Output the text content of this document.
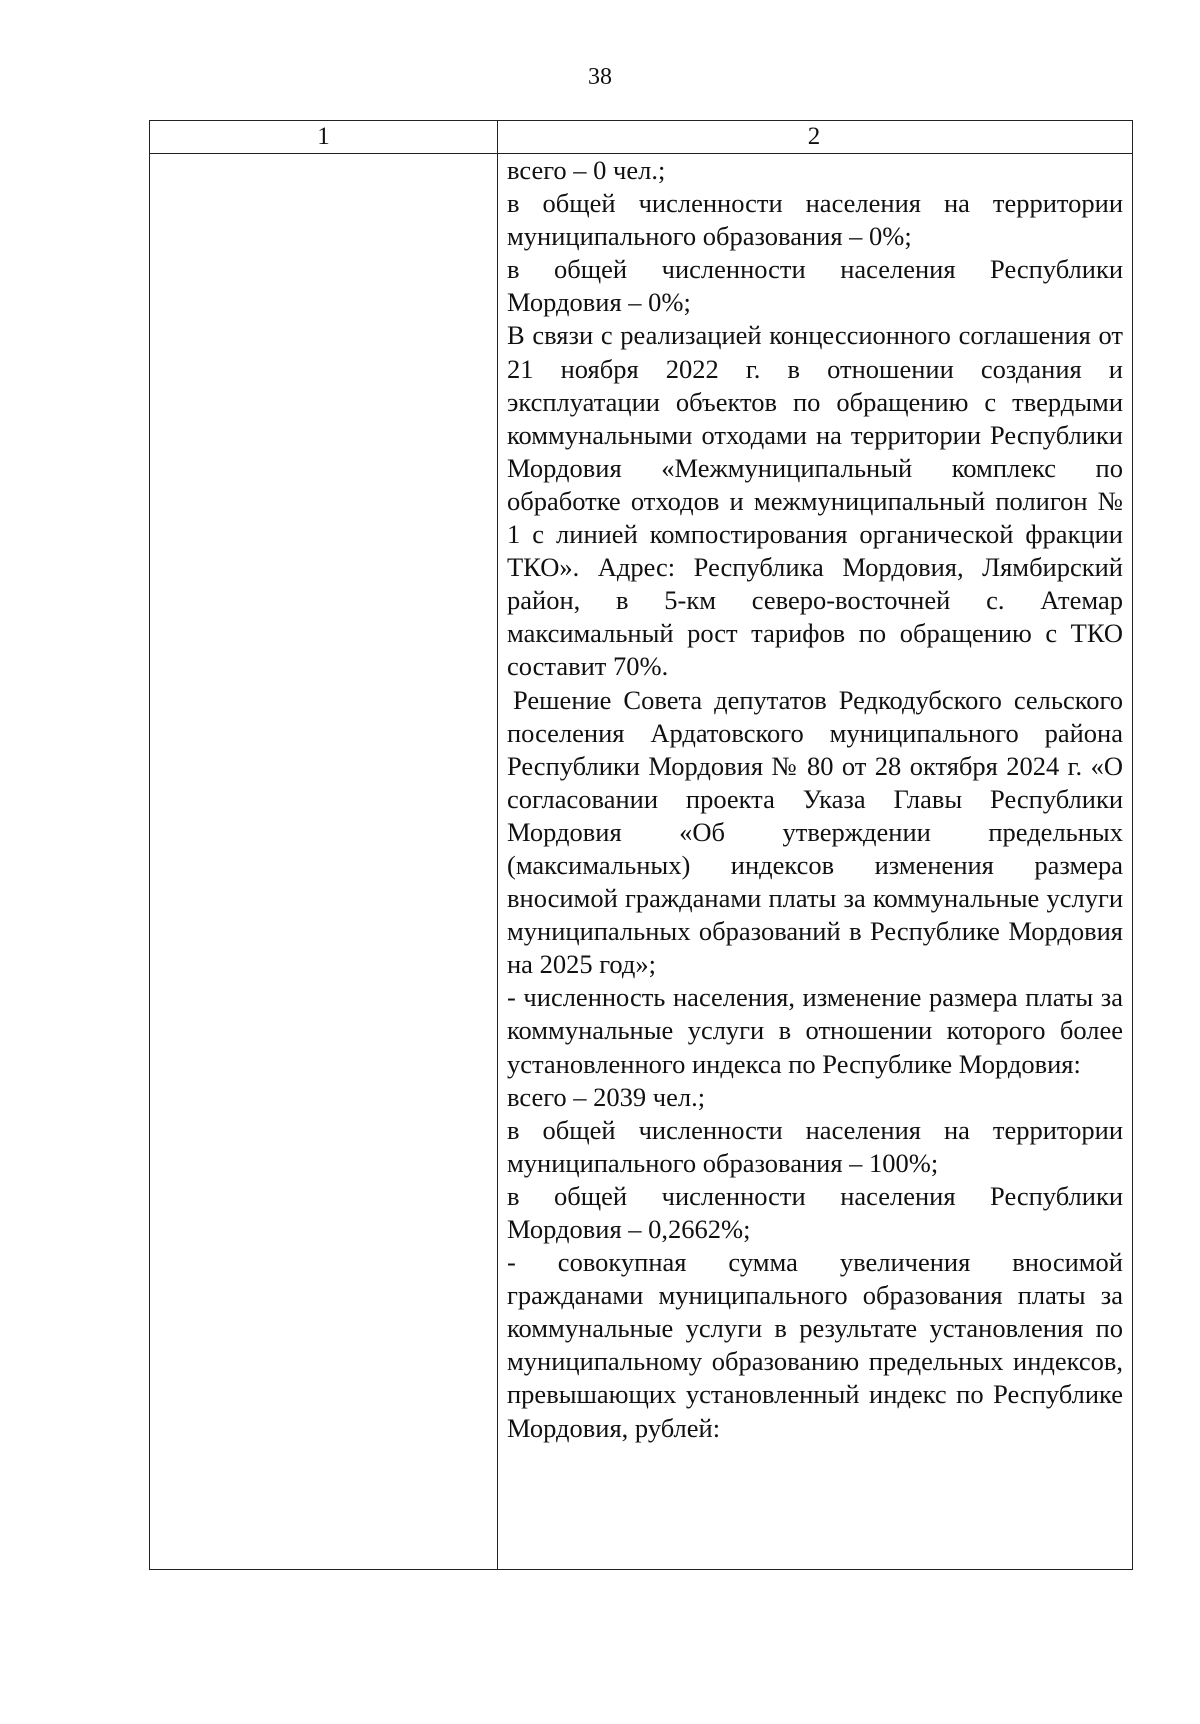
38
1	2

всего – 0 чел.;

в общей численности населения на территории муниципального образования – 0%;

в общей численности населения Республики Мордовия – 0%;

В связи с реализацией концессионного соглашения от 21 ноября 2022 г. в отношении создания и эксплуатации объектов по обращению с твердыми коммунальными отходами на территории Республики Мордовия «Межмуниципальный комплекс по обработке отходов и межмуниципальный полигон № 1 с линией компостирования органической фракции ТКО». Адрес: Республика Мордовия, Лямбирский район, в 5-км северо-восточней с. Атемар максимальный рост тарифов по обращению с ТКО составит 70%.

Решение Совета депутатов Редкодубского сельского поселения Ардатовского муниципального района Республики Мордовия № 80 от 28 октября 2024 г. «О согласовании проекта Указа Главы Республики Мордовия «Об утверждении предельных (максимальных) индексов изменения размера вносимой гражданами платы за коммунальные услуги муниципальных образований в Республике Мордовия на 2025 год»;

- численность населения, изменение размера платы за коммунальные услуги в отношении которого более установленного индекса по Республике Мордовия:

всего – 2039 чел.;

в общей численности населения на территории муниципального образования – 100%;

в общей численности населения Республики Мордовия – 0,2662%;

- совокупная сумма увеличения вносимой гражданами муниципального образования платы за коммунальные услуги в результате установления по муниципальному образованию предельных индексов, превышающих установленный индекс по Республике Мордовия, рублей:
